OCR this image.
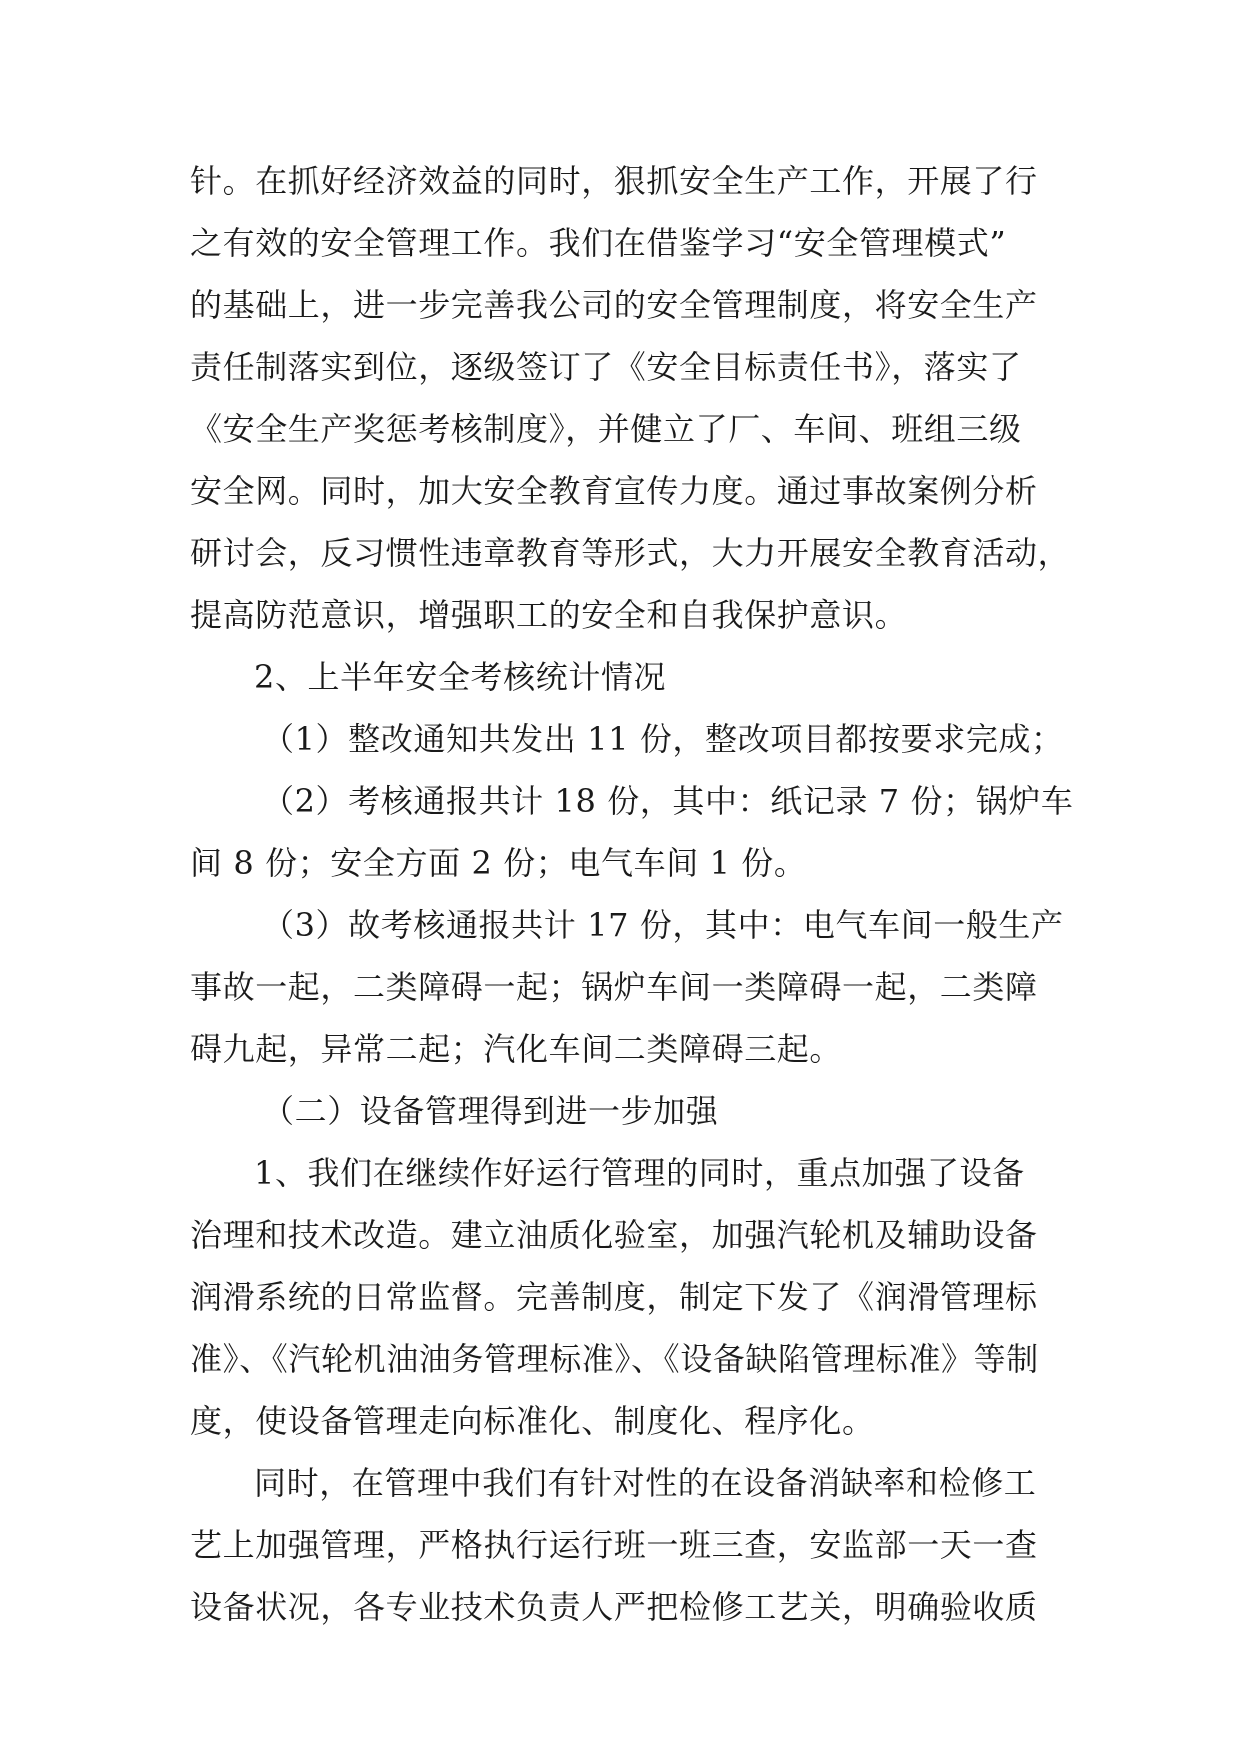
针。在抓好经济效益的同时，狠抓安全生产工作，开展了行
之有效的安全管理工作。我们在借鉴学习“安全管理模式”
的基础上，进一步完善我公司的安全管理制度，将安全生产
责任制落实到位，逐级签订了《安全目标责任书》，落实了
《安全生产奖惩考核制度》，并健立了厂、车间、班组三级
安全网。同时，加大安全教育宣传力度。通过事故案例分析
研讨会，反习惯性违章教育等形式，大力开展安全教育活动，
提高防范意识，增强职工的安全和自我保护意识。
2、上半年安全考核统计情况
（1）整改通知共发出 11 份，整改项目都按要求完成；
（2）考核通报共计 18 份，其中：纸记录 7 份；锅炉车
间 8 份；安全方面 2 份；电气车间 1 份。
（3）故考核通报共计 17 份，其中：电气车间一般生产
事故一起，二类障碍一起；锅炉车间一类障碍一起，二类障
碍九起，异常二起；汽化车间二类障碍三起。
（二）设备管理得到进一步加强
1、我们在继续作好运行管理的同时，重点加强了设备
治理和技术改造。建立油质化验室，加强汽轮机及辅助设备
润滑系统的日常监督。完善制度，制定下发了《润滑管理标
准》、《汽轮机油油务管理标准》、《设备缺陷管理标准》等制
度，使设备管理走向标准化、制度化、程序化。
同时，在管理中我们有针对性的在设备消缺率和检修工
艺上加强管理，严格执行运行班一班三查，安监部一天一查
设备状况，各专业技术负责人严把检修工艺关，明确验收质
